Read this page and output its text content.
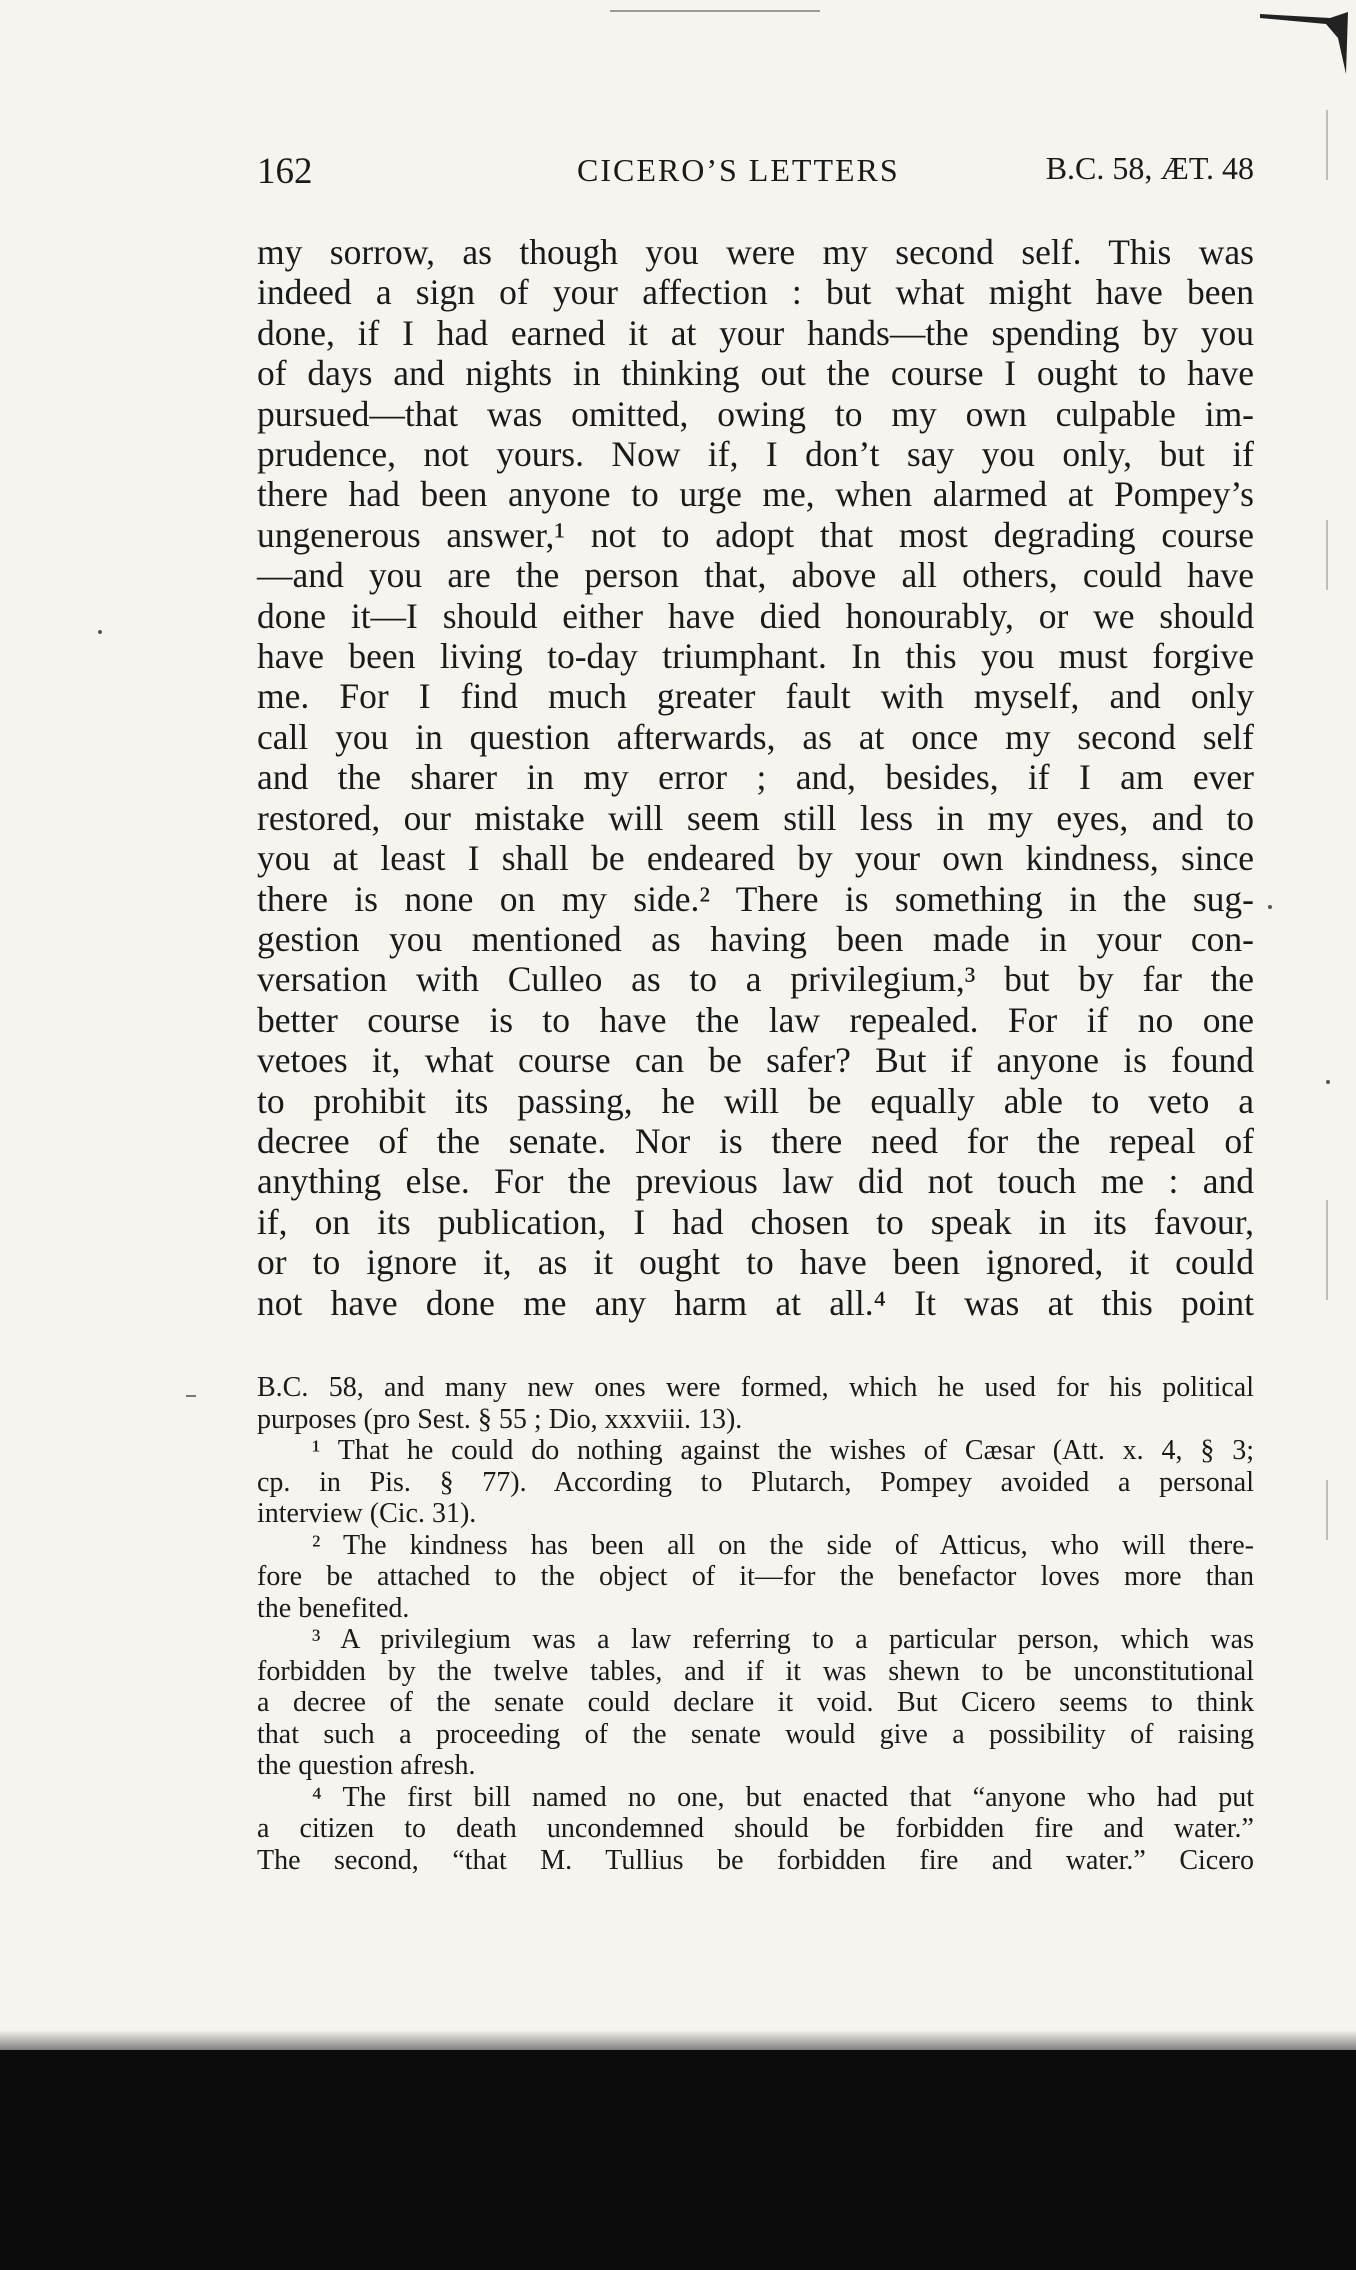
162	CICERO’S LETTERS	B.C. 58, ÆT. 48
my sorrow, as though you were my second self. This was
indeed a sign of your affection : but what might have been
done, if I had earned it at your hands—the spending by you
of days and nights in thinking out the course I ought to have
pursued—that was omitted, owing to my own culpable im-
prudence, not yours. Now if, I don’t say you only, but if
there had been anyone to urge me, when alarmed at Pompey’s
ungenerous answer,¹ not to adopt that most degrading course
—and you are the person that, above all others, could have
done it—I should either have died honourably, or we should
have been living to-day triumphant. In this you must forgive
me. For I find much greater fault with myself, and only
call you in question afterwards, as at once my second self
and the sharer in my error ; and, besides, if I am ever
restored, our mistake will seem still less in my eyes, and to
you at least I shall be endeared by your own kindness, since
there is none on my side.² There is something in the sug-
gestion you mentioned as having been made in your con-
versation with Culleo as to a privilegium,³ but by far the
better course is to have the law repealed. For if no one
vetoes it, what course can be safer? But if anyone is found
to prohibit its passing, he will be equally able to veto a
decree of the senate. Nor is there need for the repeal of
anything else. For the previous law did not touch me : and
if, on its publication, I had chosen to speak in its favour,
or to ignore it, as it ought to have been ignored, it could
not have done me any harm at all.⁴ It was at this point
B.C. 58, and many new ones were formed, which he used for his political
purposes (pro Sest. § 55 ; Dio, xxxviii. 13).
¹ That he could do nothing against the wishes of Cæsar (Att. x. 4, § 3;
cp. in Pis. § 77). According to Plutarch, Pompey avoided a personal
interview (Cic. 31).
² The kindness has been all on the side of Atticus, who will there-
fore be attached to the object of it—for the benefactor loves more than
the benefited.
³ A privilegium was a law referring to a particular person, which was
forbidden by the twelve tables, and if it was shewn to be unconstitutional
a decree of the senate could declare it void. But Cicero seems to think
that such a proceeding of the senate would give a possibility of raising
the question afresh.
⁴ The first bill named no one, but enacted that “anyone who had put
a citizen to death uncondemned should be forbidden fire and water.”
The second, “that M. Tullius be forbidden fire and water.” Cicero
